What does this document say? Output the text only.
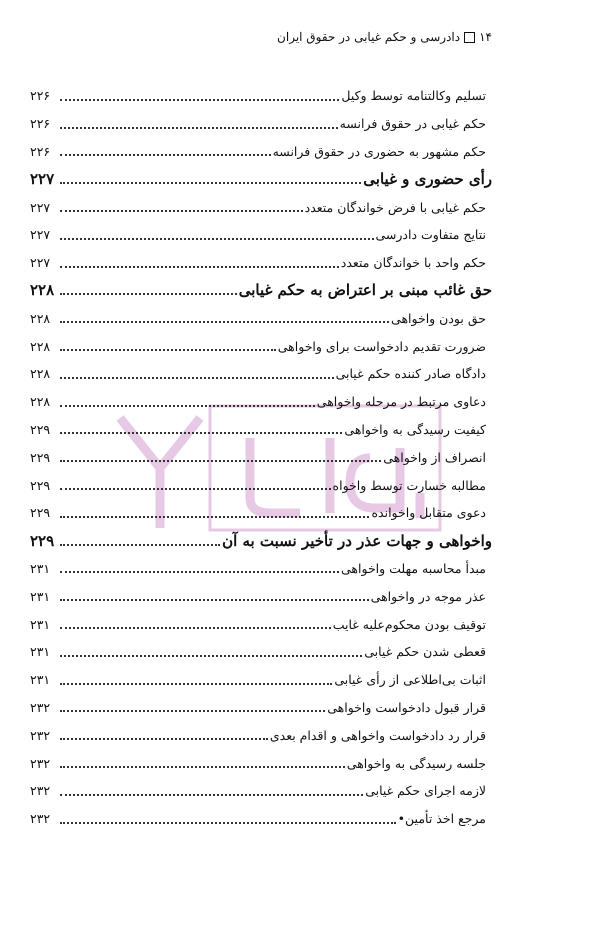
۱۴
دادرسی و حکم غیابی در حقوق ایران
تسلیم وکالتنامه توسط وکیل
۲۲۶
حکم غیابی در حقوق فرانسه
۲۲۶
حکم مشهور به حضوری در حقوق فرانسه
۲۲۶
رأی حضوری و غیابی
۲۲۷
حکم غیابی با فرض خواندگان متعدد
۲۲۷
نتایج متفاوت دادرسی
۲۲۷
حکم واحد با خواندگان متعدد
۲۲۷
حق غائب مبنی بر اعتراض به حکم غیابی
۲۲۸
حق بودن واخواهی
۲۲۸
ضرورت تقدیم دادخواست برای واخواهی
۲۲۸
دادگاه صادر کننده حکم غیابی
۲۲۸
دعاوی مرتبط در مرحله واخواهی
۲۲۸
کیفیت رسیدگی به واخواهی
۲۲۹
انصراف از واخواهی
۲۲۹
مطالبه خسارت توسط واخواه
۲۲۹
دعوی متقابل واخوانده
۲۲۹
واخواهی و جهات عذر در تأخیر نسبت به آن
۲۲۹
مبدأ محاسبه مهلت واخواهی
۲۳۱
عذر موجه در واخواهی
۲۳۱
توقیف بودن محکوم‌علیه غایب
۲۳۱
قعطی شدن حکم غیابی
۲۳۱
اثبات بی‌اطلاعی از رأی غیابی
۲۳۱
قرار قبول دادخواست واخواهی
۲۳۲
قرار رد دادخواست واخواهی و اقدام بعدی
۲۳۲
جلسه رسیدگی به واخواهی
۲۳۲
لازمه اجرای حکم غیابی
۲۳۲
مرجع اخذ تأمین•
۲۳۲
